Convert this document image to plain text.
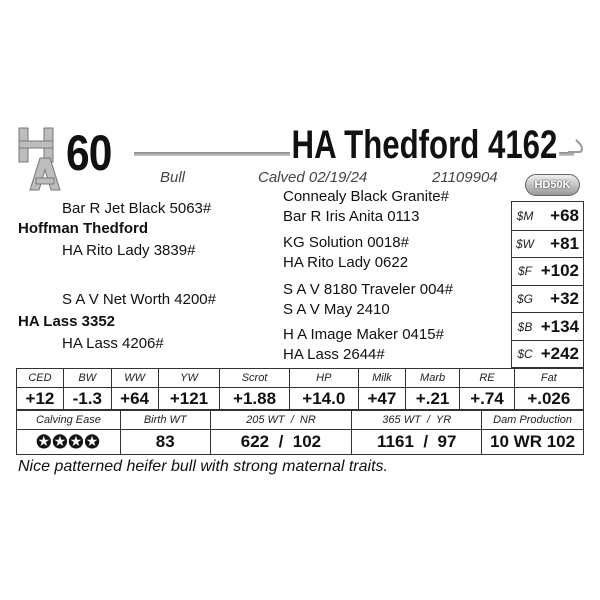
60	HA Thedford 4162
Bull	Calved 02/19/24	21109904	HD50K
Bar R Jet Black 5063#
Hoffman Thedford
HA Rito Lady 3839#
S A V Net Worth 4200#
HA Lass 3352
HA Lass 4206#
Connealy Black Granite#
Bar R Iris Anita 0113
KG Solution 0018#
HA Rito Lady 0622
S A V 8180 Traveler 004#
S A V May 2410
H A Image Maker 0415#
HA Lass 2644#
$M +68
$W +81
$F +102
$G	+32
$B +134
$C +242
CED	BW	WW	YW	Scrot	HP	Milk	Marb	RE	Fat
+12	-1.3	+64	+121	+1.88	+14.0	+47	+.21	+.74	+.026
Calving Ease	Birth WT	205 WT  /  NR	365 WT  /  YR	Dam Production
✪✪✪✪	83	622  /  102	1161  /  97	10 WR 102
Nice patterned heifer bull with strong maternal traits.
